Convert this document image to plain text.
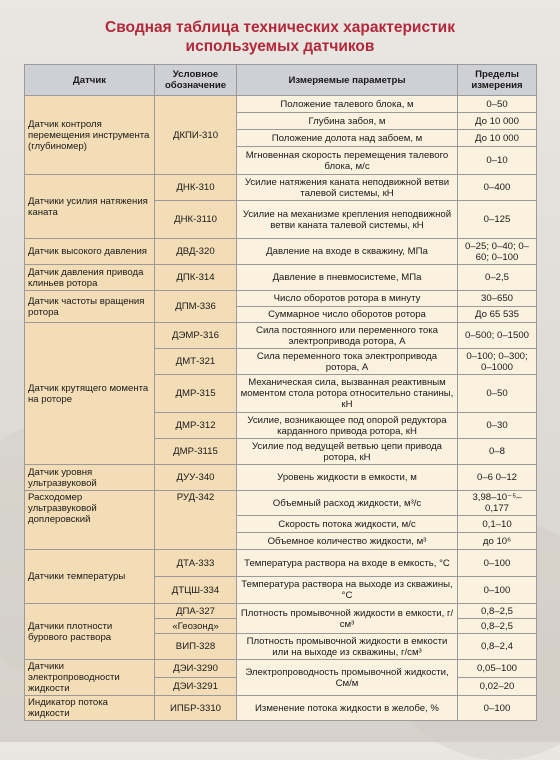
Сводная таблица технических характеристик
используемых датчиков
Датчик	Условное обозначение	Измеряемые параметры	Пределы измерения
Датчик контроля перемещения инструмента (глубиномер)	ДКПИ-310	Положение талевого блока, м	0–50
		Глубина забоя, м	До 10 000
		Положение долота над забоем, м	До 10 000
		Мгновенная скорость перемещения талевого блока, м/с	0–10
Датчики усилия натяжения каната	ДНК-310	Усилие натяжения каната неподвижной ветви талевой системы, кН	0–400
	ДНК-3110	Усилие на механизме крепления неподвижной ветви каната талевой системы, кН	0–125
Датчик высокого давления	ДВД-320	Давление на входе в скважину, МПа	0–25; 0–40; 0–60; 0–100
Датчик давления привода клиньев ротора	ДПК-314	Давление в пневмосистеме, МПа	0–2,5
Датчик частоты вращения ротора	ДПМ-336	Число оборотов ротора в минуту	30–650
		Суммарное число оборотов ротора	До 65 535
Датчик крутящего момента на роторе	ДЭМР-316	Сила постоянного или переменного тока электропривода ротора, А	0–500; 0–1500
	ДМТ-321	Сила переменного тока электропривода ротора, А	0–100; 0–300; 0–1000
	ДМР-315	Механическая сила, вызванная реактивным моментом стола ротора относительно станины, кН	0–50
	ДМР-312	Усилие, возникающее под опорой редуктора карданного привода ротора, кН	0–30
	ДМР-3115	Усилие под ведущей ветвью цепи привода ротора, кН	0–8
Датчик уровня ультразвуковой	ДУУ-340	Уровень жидкости в емкости, м	0–6 0–12
Расходомер ультразвуковой доплеровский	РУД-342	Объемный расход жидкости, м³/с	3,98–10⁻⁵–0,177
		Скорость потока жидкости, м/с	0,1–10
		Объемное количество жидкости, м³	до 10⁶
Датчики температуры	ДТА-333	Температура раствора на входе в емкость, °С	0–100
	ДТЦШ-334	Температура раствора на выходе из скважины, °С	0–100
Датчики плотности бурового раствора	ДПА-327	Плотность промывочной жидкости в емкости, г/см³	0,8–2,5
	«Геозонд»		0,8–2,5
	ВИП-328	Плотность промывочной жидкости в емкости или на выходе из скважины, г/см³	0,8–2,4
Датчики электропроводности жидкости	ДЭИ-3290	Электропроводность промывочной жидкости, См/м	0,05–100
	ДЭИ-3291		0,02–20
Индикатор потока жидкости	ИПБР-3310	Изменение потока жидкости в желобе, %	0–100
